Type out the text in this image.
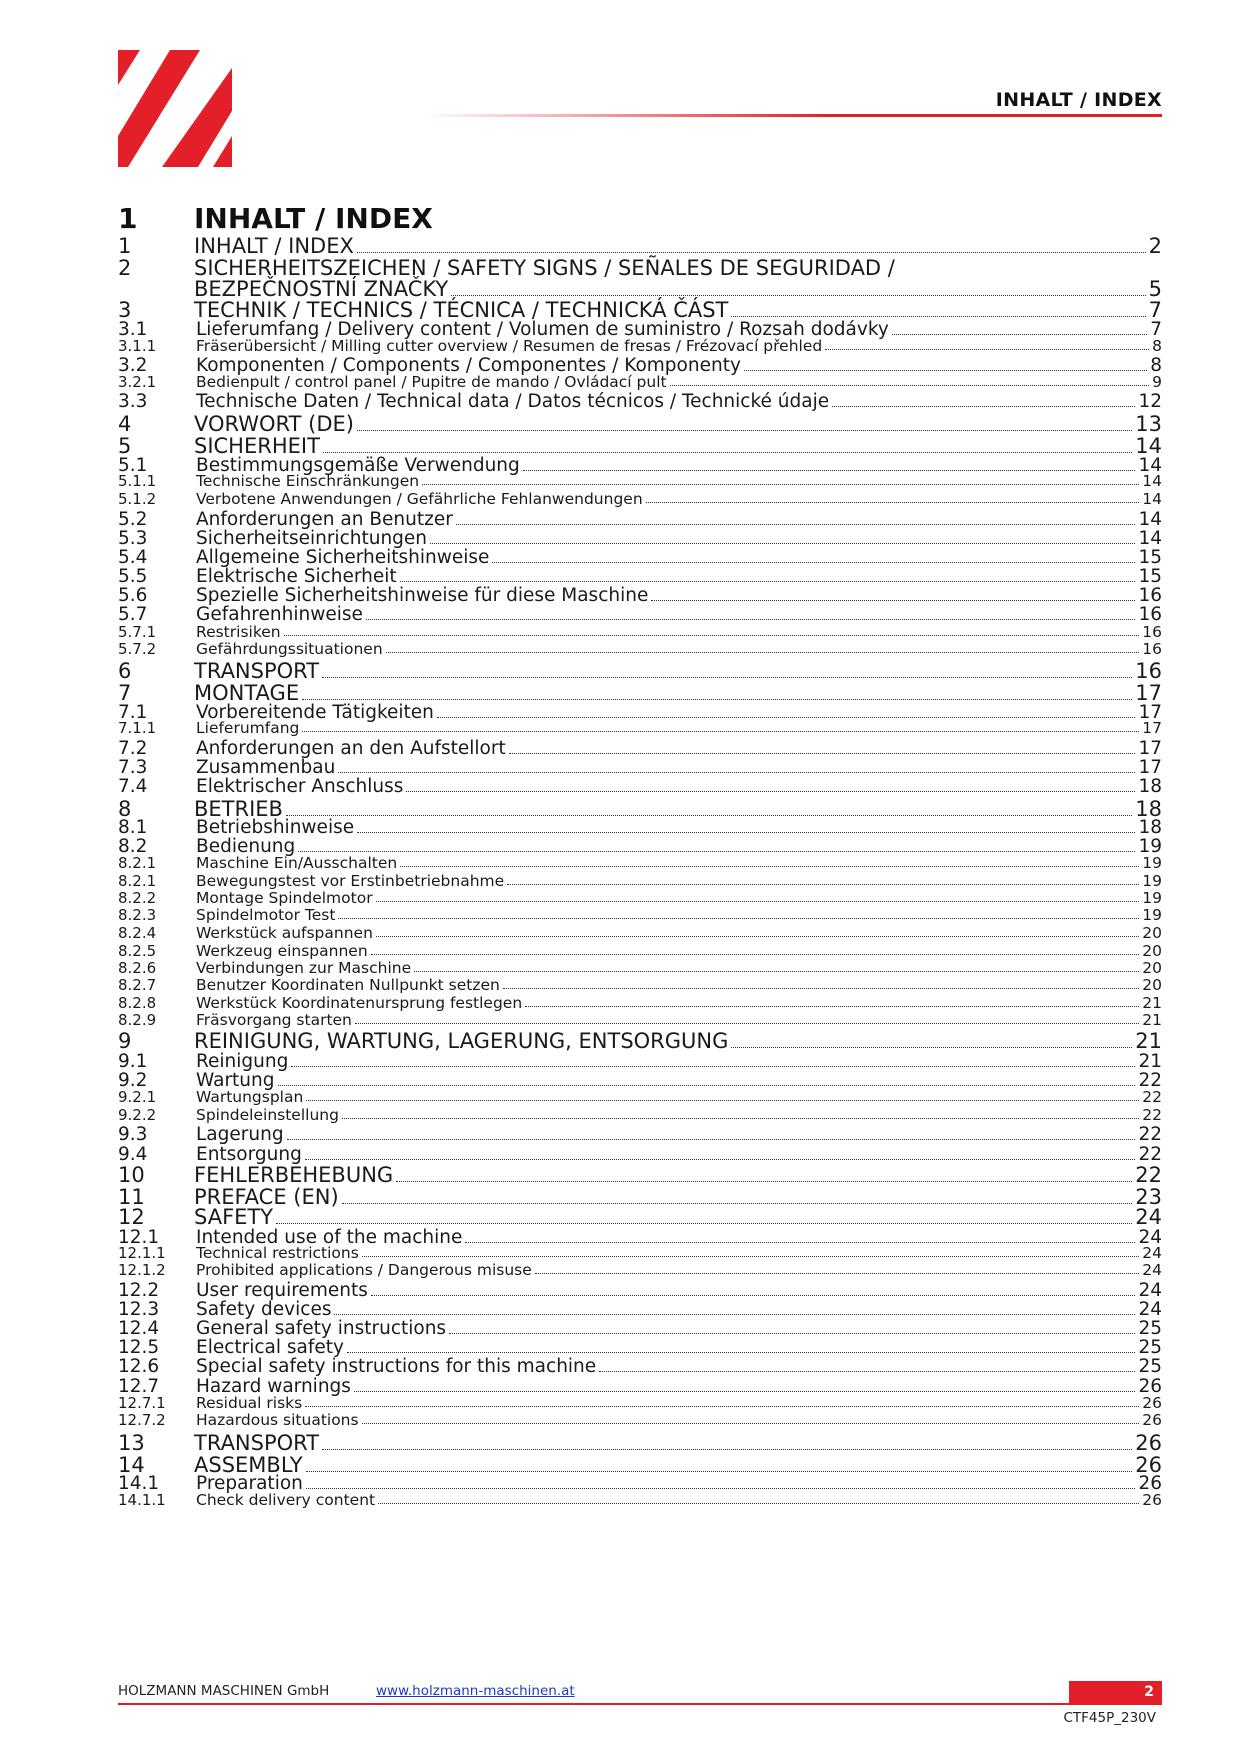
INHALT / INDEX
1 INHALT / INDEX
1	INHALT / INDEX	2
2	SICHERHEITSZEICHEN / SAFETY SIGNS / SEÑALES DE SEGURIDAD /
BEZPEČNOSTNÍ ZNAČKY	5
3	TECHNIK / TECHNICS / TÉCNICA / TECHNICKÁ ČÁST	7
3.1	Lieferumfang / Delivery content / Volumen de suministro / Rozsah dodávky	7
3.1.1	Fräserübersicht / Milling cutter overview / Resumen de fresas / Frézovací přehled	8
3.2	Komponenten / Components / Componentes / Komponenty	8
3.2.1	Bedienpult / control panel / Pupitre de mando / Ovládací pult	9
3.3	Technische Daten / Technical data / Datos técnicos / Technické údaje	12
4	VORWORT (DE)	13
5	SICHERHEIT	14
5.1	Bestimmungsgemäße Verwendung	14
5.1.1	Technische Einschränkungen	14
5.1.2	Verbotene Anwendungen / Gefährliche Fehlanwendungen	14
5.2	Anforderungen an Benutzer	14
5.3	Sicherheitseinrichtungen	14
5.4	Allgemeine Sicherheitshinweise	15
5.5	Elektrische Sicherheit	15
5.6	Spezielle Sicherheitshinweise für diese Maschine	16
5.7	Gefahrenhinweise	16
5.7.1	Restrisiken	16
5.7.2	Gefährdungssituationen	16
6	TRANSPORT	16
7	MONTAGE	17
7.1	Vorbereitende Tätigkeiten	17
7.1.1	Lieferumfang	17
7.2	Anforderungen an den Aufstellort	17
7.3	Zusammenbau	17
7.4	Elektrischer Anschluss	18
8	BETRIEB	18
8.1	Betriebshinweise	18
8.2	Bedienung	19
8.2.1	Maschine Ein/Ausschalten	19
8.2.1	Bewegungstest vor Erstinbetriebnahme	19
8.2.2	Montage Spindelmotor	19
8.2.3	Spindelmotor Test	19
8.2.4	Werkstück aufspannen	20
8.2.5	Werkzeug einspannen	20
8.2.6	Verbindungen zur Maschine	20
8.2.7	Benutzer Koordinaten Nullpunkt setzen	20
8.2.8	Werkstück Koordinatenursprung festlegen	21
8.2.9	Fräsvorgang starten	21
9	REINIGUNG, WARTUNG, LAGERUNG, ENTSORGUNG	21
9.1	Reinigung	21
9.2	Wartung	22
9.2.1	Wartungsplan	22
9.2.2	Spindeleinstellung	22
9.3	Lagerung	22
9.4	Entsorgung	22
10	FEHLERBEHEBUNG	22
11	PREFACE (EN)	23
12	SAFETY	24
12.1	Intended use of the machine	24
12.1.1	Technical restrictions	24
12.1.2	Prohibited applications / Dangerous misuse	24
12.2	User requirements	24
12.3	Safety devices	24
12.4	General safety instructions	25
12.5	Electrical safety	25
12.6	Special safety instructions for this machine	25
12.7	Hazard warnings	26
12.7.1	Residual risks	26
12.7.2	Hazardous situations	26
13	TRANSPORT	26
14	ASSEMBLY	26
14.1	Preparation	26
14.1.1	Check delivery content	26
HOLZMANN MASCHINEN GmbH	www.holzmann-maschinen.at	2
CTF45P_230V
